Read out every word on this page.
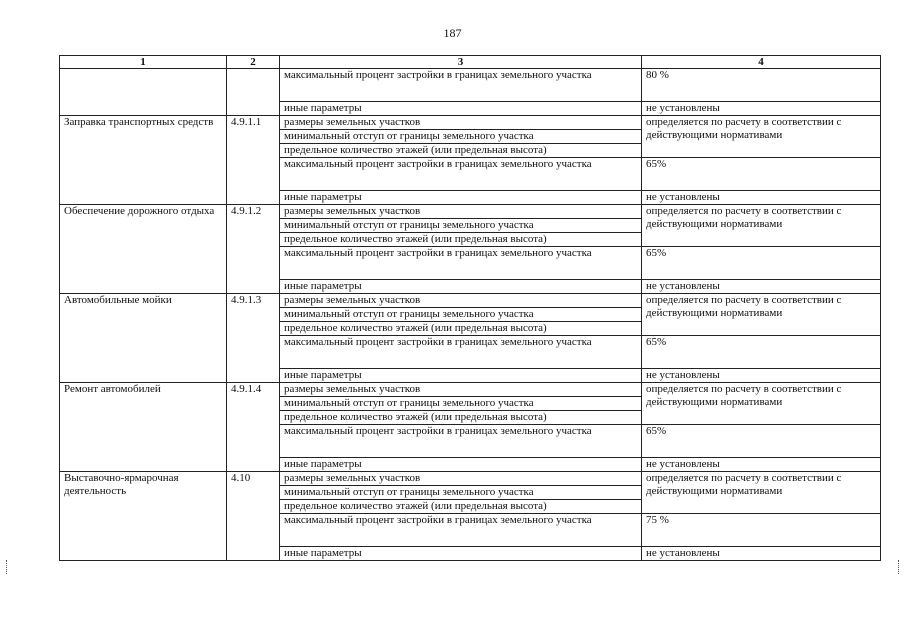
187
1	2	3	4
		максимальный процент застройки в границах земельного участка	80 %
		иные параметры	не установлены
Заправка транспортных средств	4.9.1.1	размеры земельных участков	определяется по расчету в соответствии с действующими нормативами
		минимальный отступ от границы земельного участка	
		предельное количество этажей (или предельная высота)	
		максимальный процент застройки в границах земельного участка	65%
		иные параметры	не установлены
Обеспечение дорожного отдыха	4.9.1.2	размеры земельных участков	определяется по расчету в соответствии с действующими нормативами
		минимальный отступ от границы земельного участка	
		предельное количество этажей (или предельная высота)	
		максимальный процент застройки в границах земельного участка	65%
		иные параметры	не установлены
Автомобильные мойки	4.9.1.3	размеры земельных участков	определяется по расчету в соответствии с действующими нормативами
		минимальный отступ от границы земельного участка	
		предельное количество этажей (или предельная высота)	
		максимальный процент застройки в границах земельного участка	65%
		иные параметры	не установлены
Ремонт автомобилей	4.9.1.4	размеры земельных участков	определяется по расчету в соответствии с действующими нормативами
		минимальный отступ от границы земельного участка	
		предельное количество этажей (или предельная высота)	
		максимальный процент застройки в границах земельного участка	65%
		иные параметры	не установлены
Выставочно-ярмарочная деятельность	4.10	размеры земельных участков	определяется по расчету в соответствии с действующими нормативами
		минимальный отступ от границы земельного участка	
		предельное количество этажей (или предельная высота)	
		максимальный процент застройки в границах земельного участка	75 %
		иные параметры	не установлены
